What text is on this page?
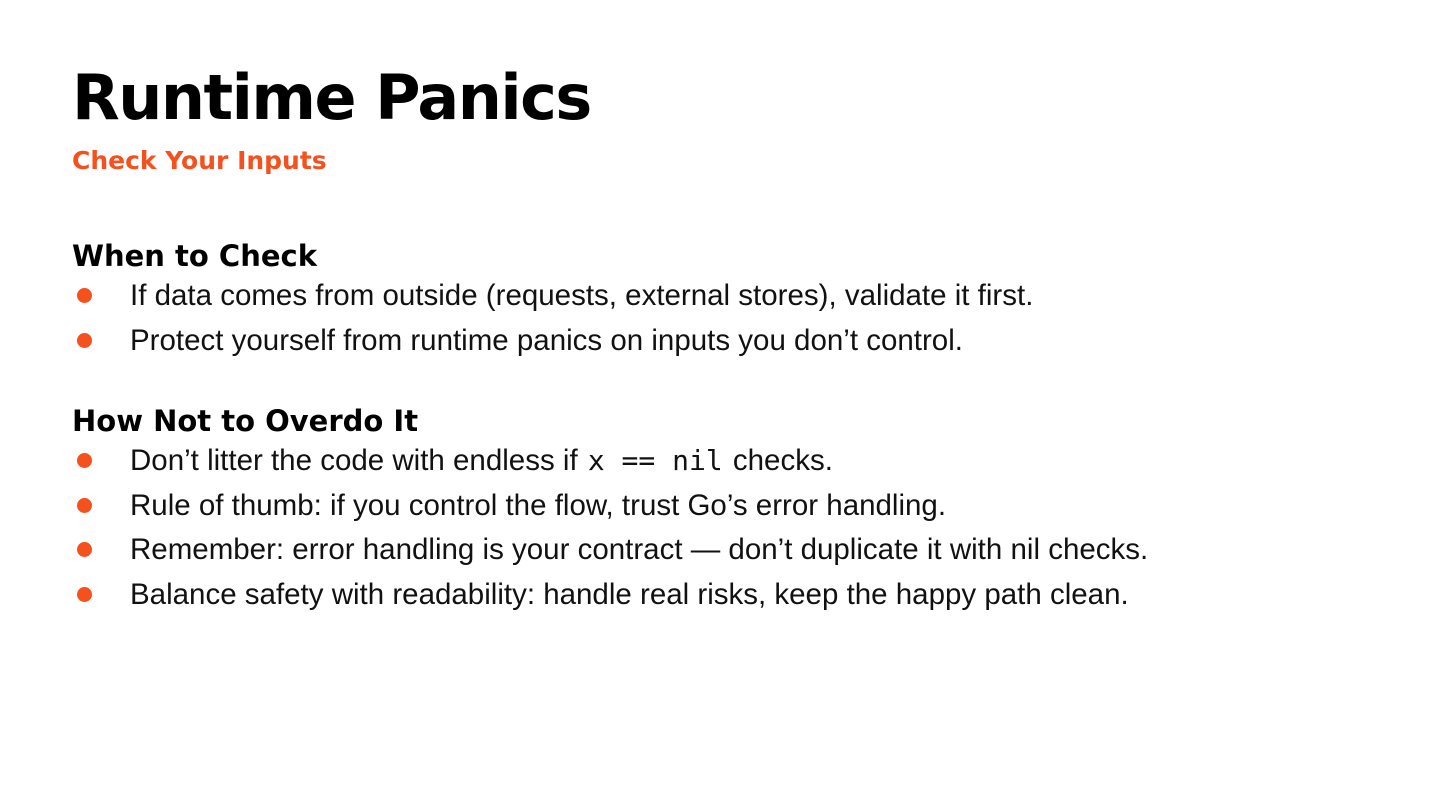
Runtime Panics
Check Your Inputs
When to Check
If data comes from outside (requests, external stores), validate it first.
Protect yourself from runtime panics on inputs you don’t control.
How Not to Overdo It
Don’t litter the code with endless if x == nil checks.
Rule of thumb: if you control the flow, trust Go’s error handling.
Remember: error handling is your contract — don’t duplicate it with nil checks.
Balance safety with readability: handle real risks, keep the happy path clean.
